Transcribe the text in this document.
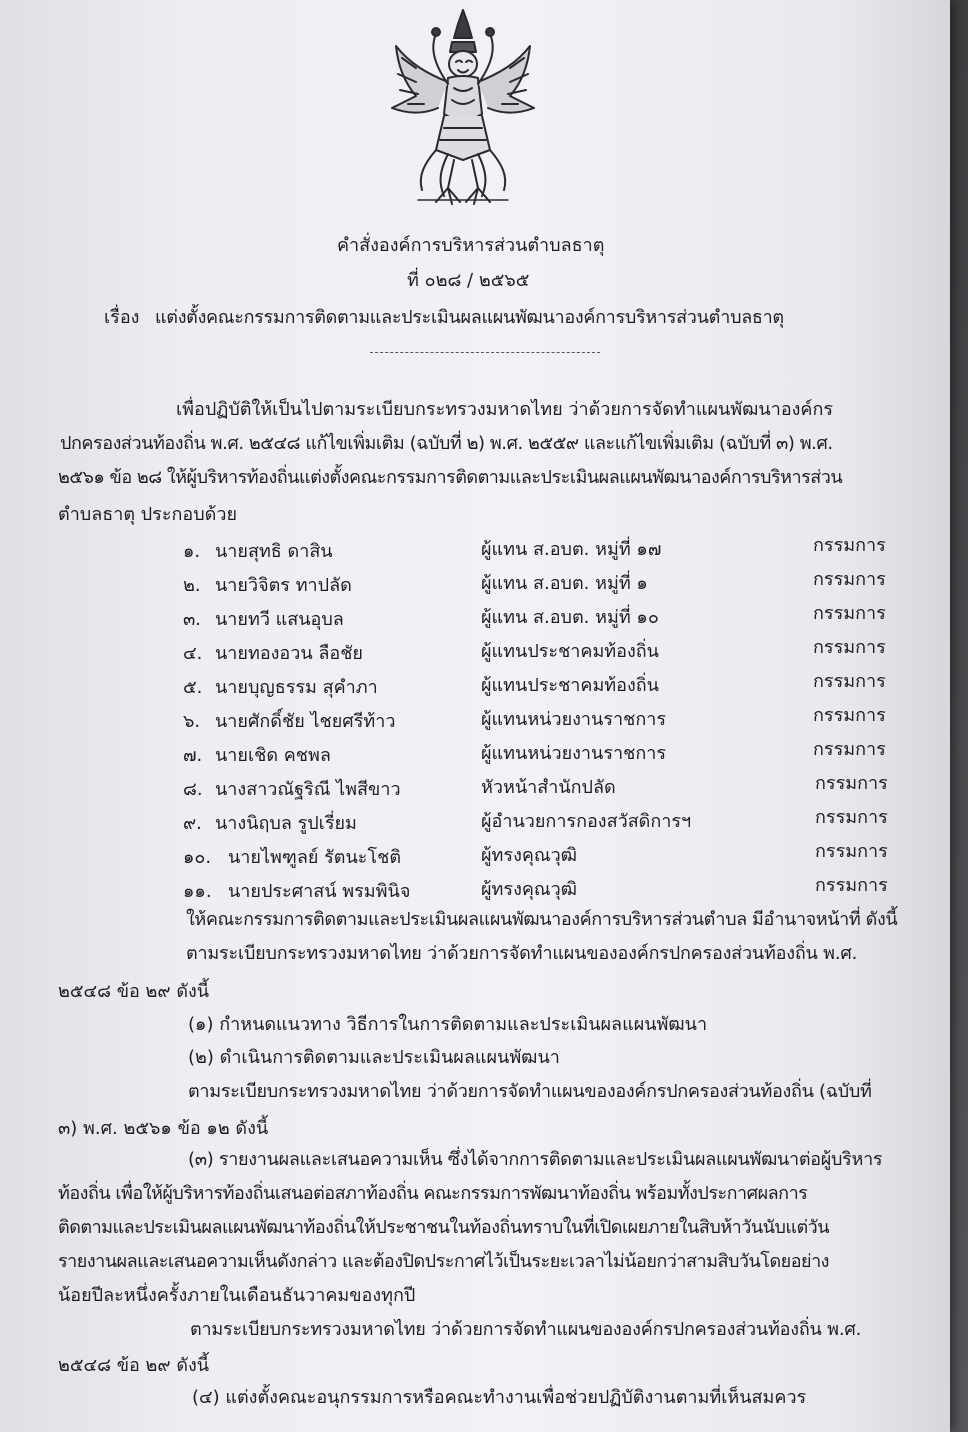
คำสั่งองค์การบริหารส่วนตำบลธาตุ
ที่ ๐๒๘ / ๒๕๖๕
เรื่อง แต่งตั้งคณะกรรมการติดตามและประเมินผลแผนพัฒนาองค์การบริหารส่วนตำบลธาตุ
เพื่อปฏิบัติให้เป็นไปตามระเบียบกระทรวงมหาดไทย ว่าด้วยการจัดทำแผนพัฒนาองค์กร
ปกครองส่วนท้องถิ่น พ.ศ. ๒๕๔๘ แก้ไขเพิ่มเติม (ฉบับที่ ๒) พ.ศ. ๒๕๕๙ และแก้ไขเพิ่มเติม (ฉบับที่ ๓) พ.ศ.
๒๕๖๑ ข้อ ๒๘ ให้ผู้บริหารท้องถิ่นแต่งตั้งคณะกรรมการติดตามและประเมินผลแผนพัฒนาองค์การบริหารส่วน
ตำบลธาตุ ประกอบด้วย
๑. นายสุทธิ ดาสิน	ผู้แทน ส.อบต. หมู่ที่ ๑๗	กรรมการ
๒. นายวิจิตร ทาปลัด	ผู้แทน ส.อบต. หมู่ที่ ๑	กรรมการ
๓. นายทวี แสนอุบล	ผู้แทน ส.อบต. หมู่ที่ ๑๐	กรรมการ
๔. นายทองอวน ลือชัย	ผู้แทนประชาคมท้องถิ่น	กรรมการ
๕. นายบุญธรรม สุคำภา	ผู้แทนประชาคมท้องถิ่น	กรรมการ
๖. นายศักดิ์ชัย ไชยศรีท้าว	ผู้แทนหน่วยงานราชการ	กรรมการ
๗. นายเชิด คชพล	ผู้แทนหน่วยงานราชการ	กรรมการ
๘. นางสาวณัฐริณี ไพสีขาว	หัวหน้าสำนักปลัด	กรรมการ
๙. นางนิฤบล รูปเรี่ยม	ผู้อำนวยการกองสวัสดิการฯ	กรรมการ
๑๐. นายไพฑูลย์ รัตนะโชติ	ผู้ทรงคุณวุฒิ	กรรมการ
๑๑. นายประศาสน์ พรมพินิจ	ผู้ทรงคุณวุฒิ	กรรมการ
ให้คณะกรรมการติดตามและประเมินผลแผนพัฒนาองค์การบริหารส่วนตำบล มีอำนาจหน้าที่ ดังนี้
ตามระเบียบกระทรวงมหาดไทย ว่าด้วยการจัดทำแผนขององค์กรปกครองส่วนท้องถิ่น พ.ศ.
๒๕๔๘ ข้อ ๒๙ ดังนี้
(๑) กำหนดแนวทาง วิธีการในการติดตามและประเมินผลแผนพัฒนา
(๒) ดำเนินการติดตามและประเมินผลแผนพัฒนา
ตามระเบียบกระทรวงมหาดไทย ว่าด้วยการจัดทำแผนขององค์กรปกครองส่วนท้องถิ่น (ฉบับที่
๓) พ.ศ. ๒๕๖๑ ข้อ ๑๒ ดังนี้
(๓) รายงานผลและเสนอความเห็น ซึ่งได้จากการติดตามและประเมินผลแผนพัฒนาต่อผู้บริหาร
ท้องถิ่น เพื่อให้ผู้บริหารท้องถิ่นเสนอต่อสภาท้องถิ่น คณะกรรมการพัฒนาท้องถิ่น พร้อมทั้งประกาศผลการ
ติดตามและประเมินผลแผนพัฒนาท้องถิ่นให้ประชาชนในท้องถิ่นทราบในที่เปิดเผยภายในสิบห้าวันนับแต่วัน
รายงานผลและเสนอความเห็นดังกล่าว และต้องปิดประกาศไว้เป็นระยะเวลาไม่น้อยกว่าสามสิบวันโดยอย่าง
น้อยปีละหนึ่งครั้งภายในเดือนธันวาคมของทุกปี
ตามระเบียบกระทรวงมหาดไทย ว่าด้วยการจัดทำแผนขององค์กรปกครองส่วนท้องถิ่น พ.ศ.
๒๕๔๘ ข้อ ๒๙ ดังนี้
(๔) แต่งตั้งคณะอนุกรรมการหรือคณะทำงานเพื่อช่วยปฏิบัติงานตามที่เห็นสมควร
